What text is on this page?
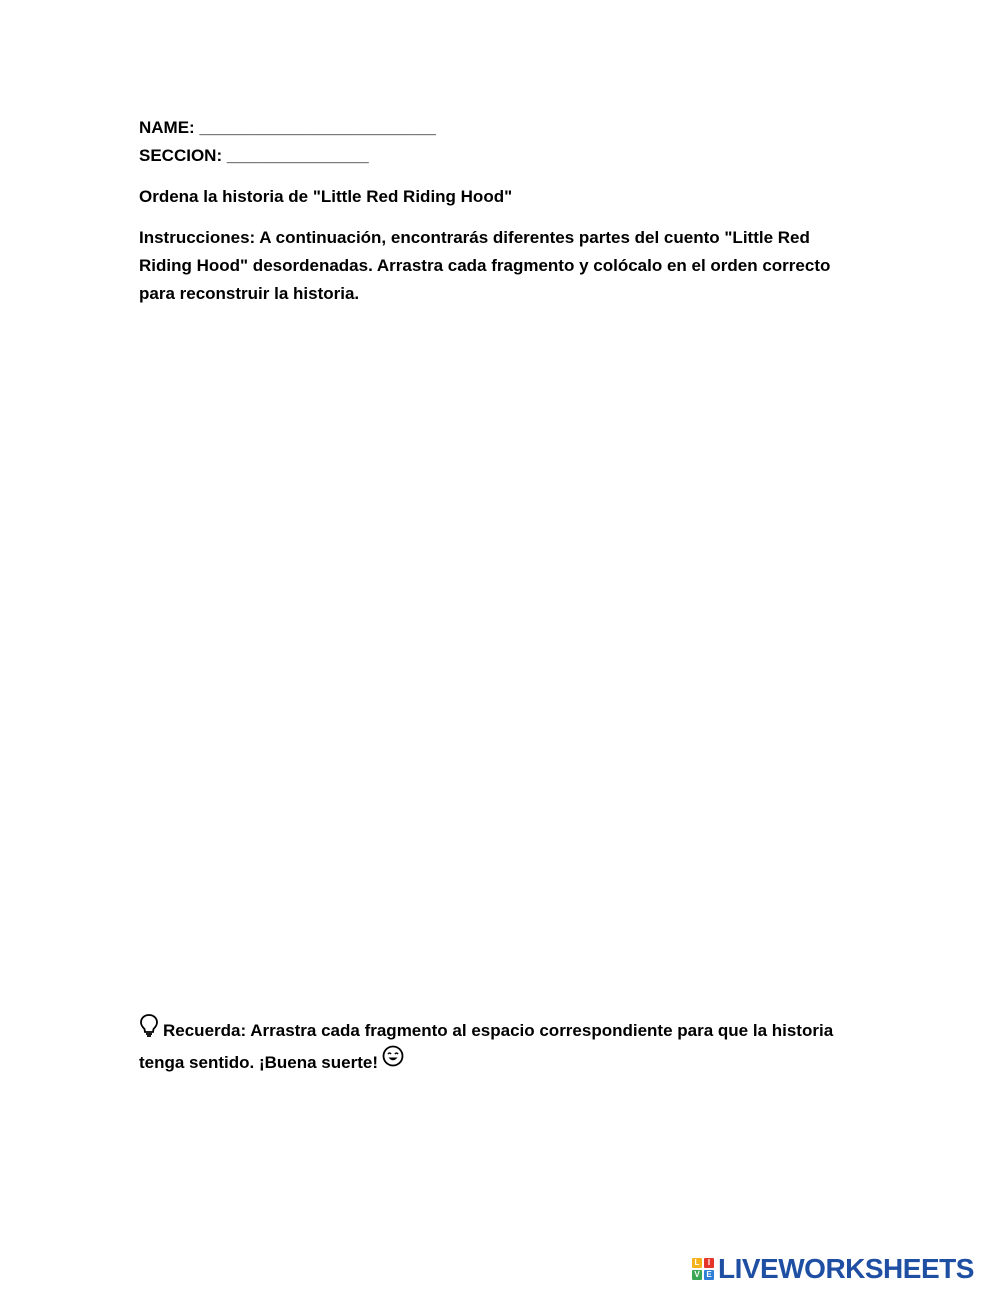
NAME: _________________________
SECCION: _______________
Ordena la historia de "Little Red Riding Hood"
Instrucciones: A continuación, encontrarás diferentes partes del cuento "Little Red
Riding Hood" desordenadas. Arrastra cada fragmento y colócalo en el orden correcto
para reconstruir la historia.
Recuerda: Arrastra cada fragmento al espacio correspondiente para que la historia
tenga sentido. ¡Buena suerte!
L	I
V E LIVEWORKSHEETS
